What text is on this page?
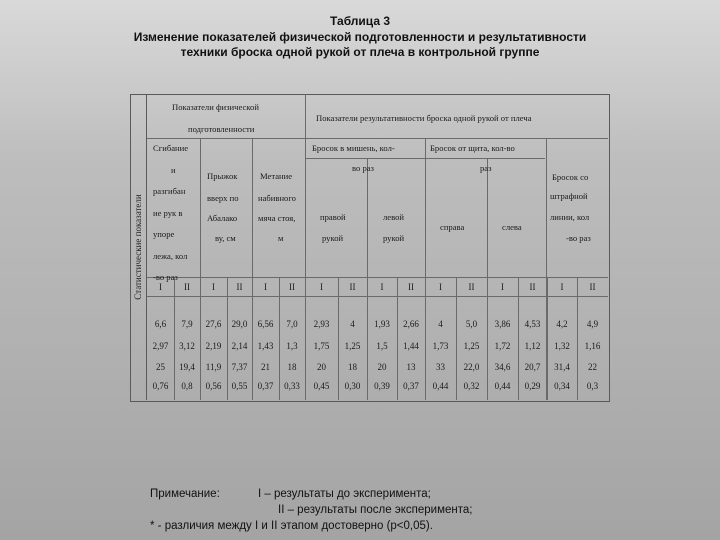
Таблица 3
Изменение показателей физической подготовленности и результативности
техники броска одной рукой от плеча в контрольной группе
Статистические показатели
Показатели физической
подготовленности
Показатели результативности броска одной рукой от плеча
Сгибание
и
разгибан
ие рук в
упоре
лежа, кол
-во раз
Прыжок
вверх по
Абалако
ву, см
Метание
набивного
мяча стоя,
м
Бросок в мишень, кол-
во раз
правой
рукой
левой
рукой
Бросок от щита, кол-во
раз
справа	слева
Бросок со
штрафной
линии, кол
-во раз
I	II	I	II	I	II	I	II	I	II	I	II	I	II	I	II
6,6	7,9	27,6	29,0	6,56	7,0	2,93	4	1,93	2,66	4	5,0	3,86	4,53	4,2	4,9
2,97	3,12	2,19	2,14	1,43	1,3	1,75	1,25	1,5	1,44	1,73	1,25	1,72	1,12	1,32	1,16
25	19,4	11,9	7,37	21	18	20	18	20	13	33	22,0	34,6	20,7	31,4	22
0,76	0,8	0,56	0,55	0,37	0,33	0,45	0,30	0,39	0,37	0,44	0,32	0,44	0,29	0,34	0,3
Примечание:	I – результаты до эксперимента;
II – результаты после эксперимента;
* - различия между I и II этапом достоверно (р<0,05).
